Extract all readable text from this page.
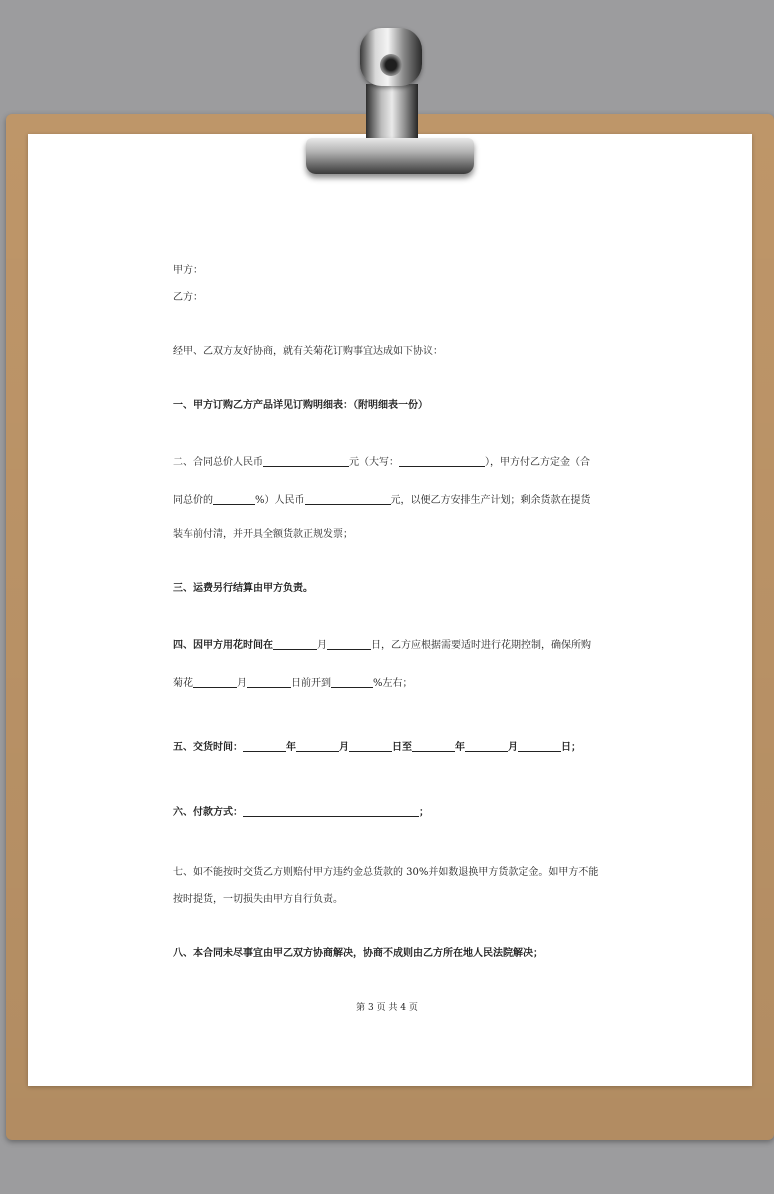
甲方：

乙方：

经甲、乙双方友好协商，就有关菊花订购事宜达成如下协议：

一、甲方订购乙方产品详见订购明细表：（附明细表一份）

二、合同总价人民币	元（大写：	），甲方付乙方定金（合

同总价的	%）人民币	元，以便乙方安排生产计划；剩余货款在提货

装车前付清，并开具全额货款正规发票；

三、运费另行结算由甲方负责。

四、因甲方用花时间在	月	日，乙方应根据需要适时进行花期控制，确保所购

菊花	月	日前开到	%左右；

五、交货时间：	年	月	日至	年	月	日；

六、付款方式：	；

七、如不能按时交货乙方则赔付甲方违约金总货款的 30%并如数退换甲方货款定金。如甲方不能

按时提货，一切损失由甲方自行负责。

八、本合同未尽事宜由甲乙双方协商解决，协商不成则由乙方所在地人民法院解决；

第 3 页 共 4 页
